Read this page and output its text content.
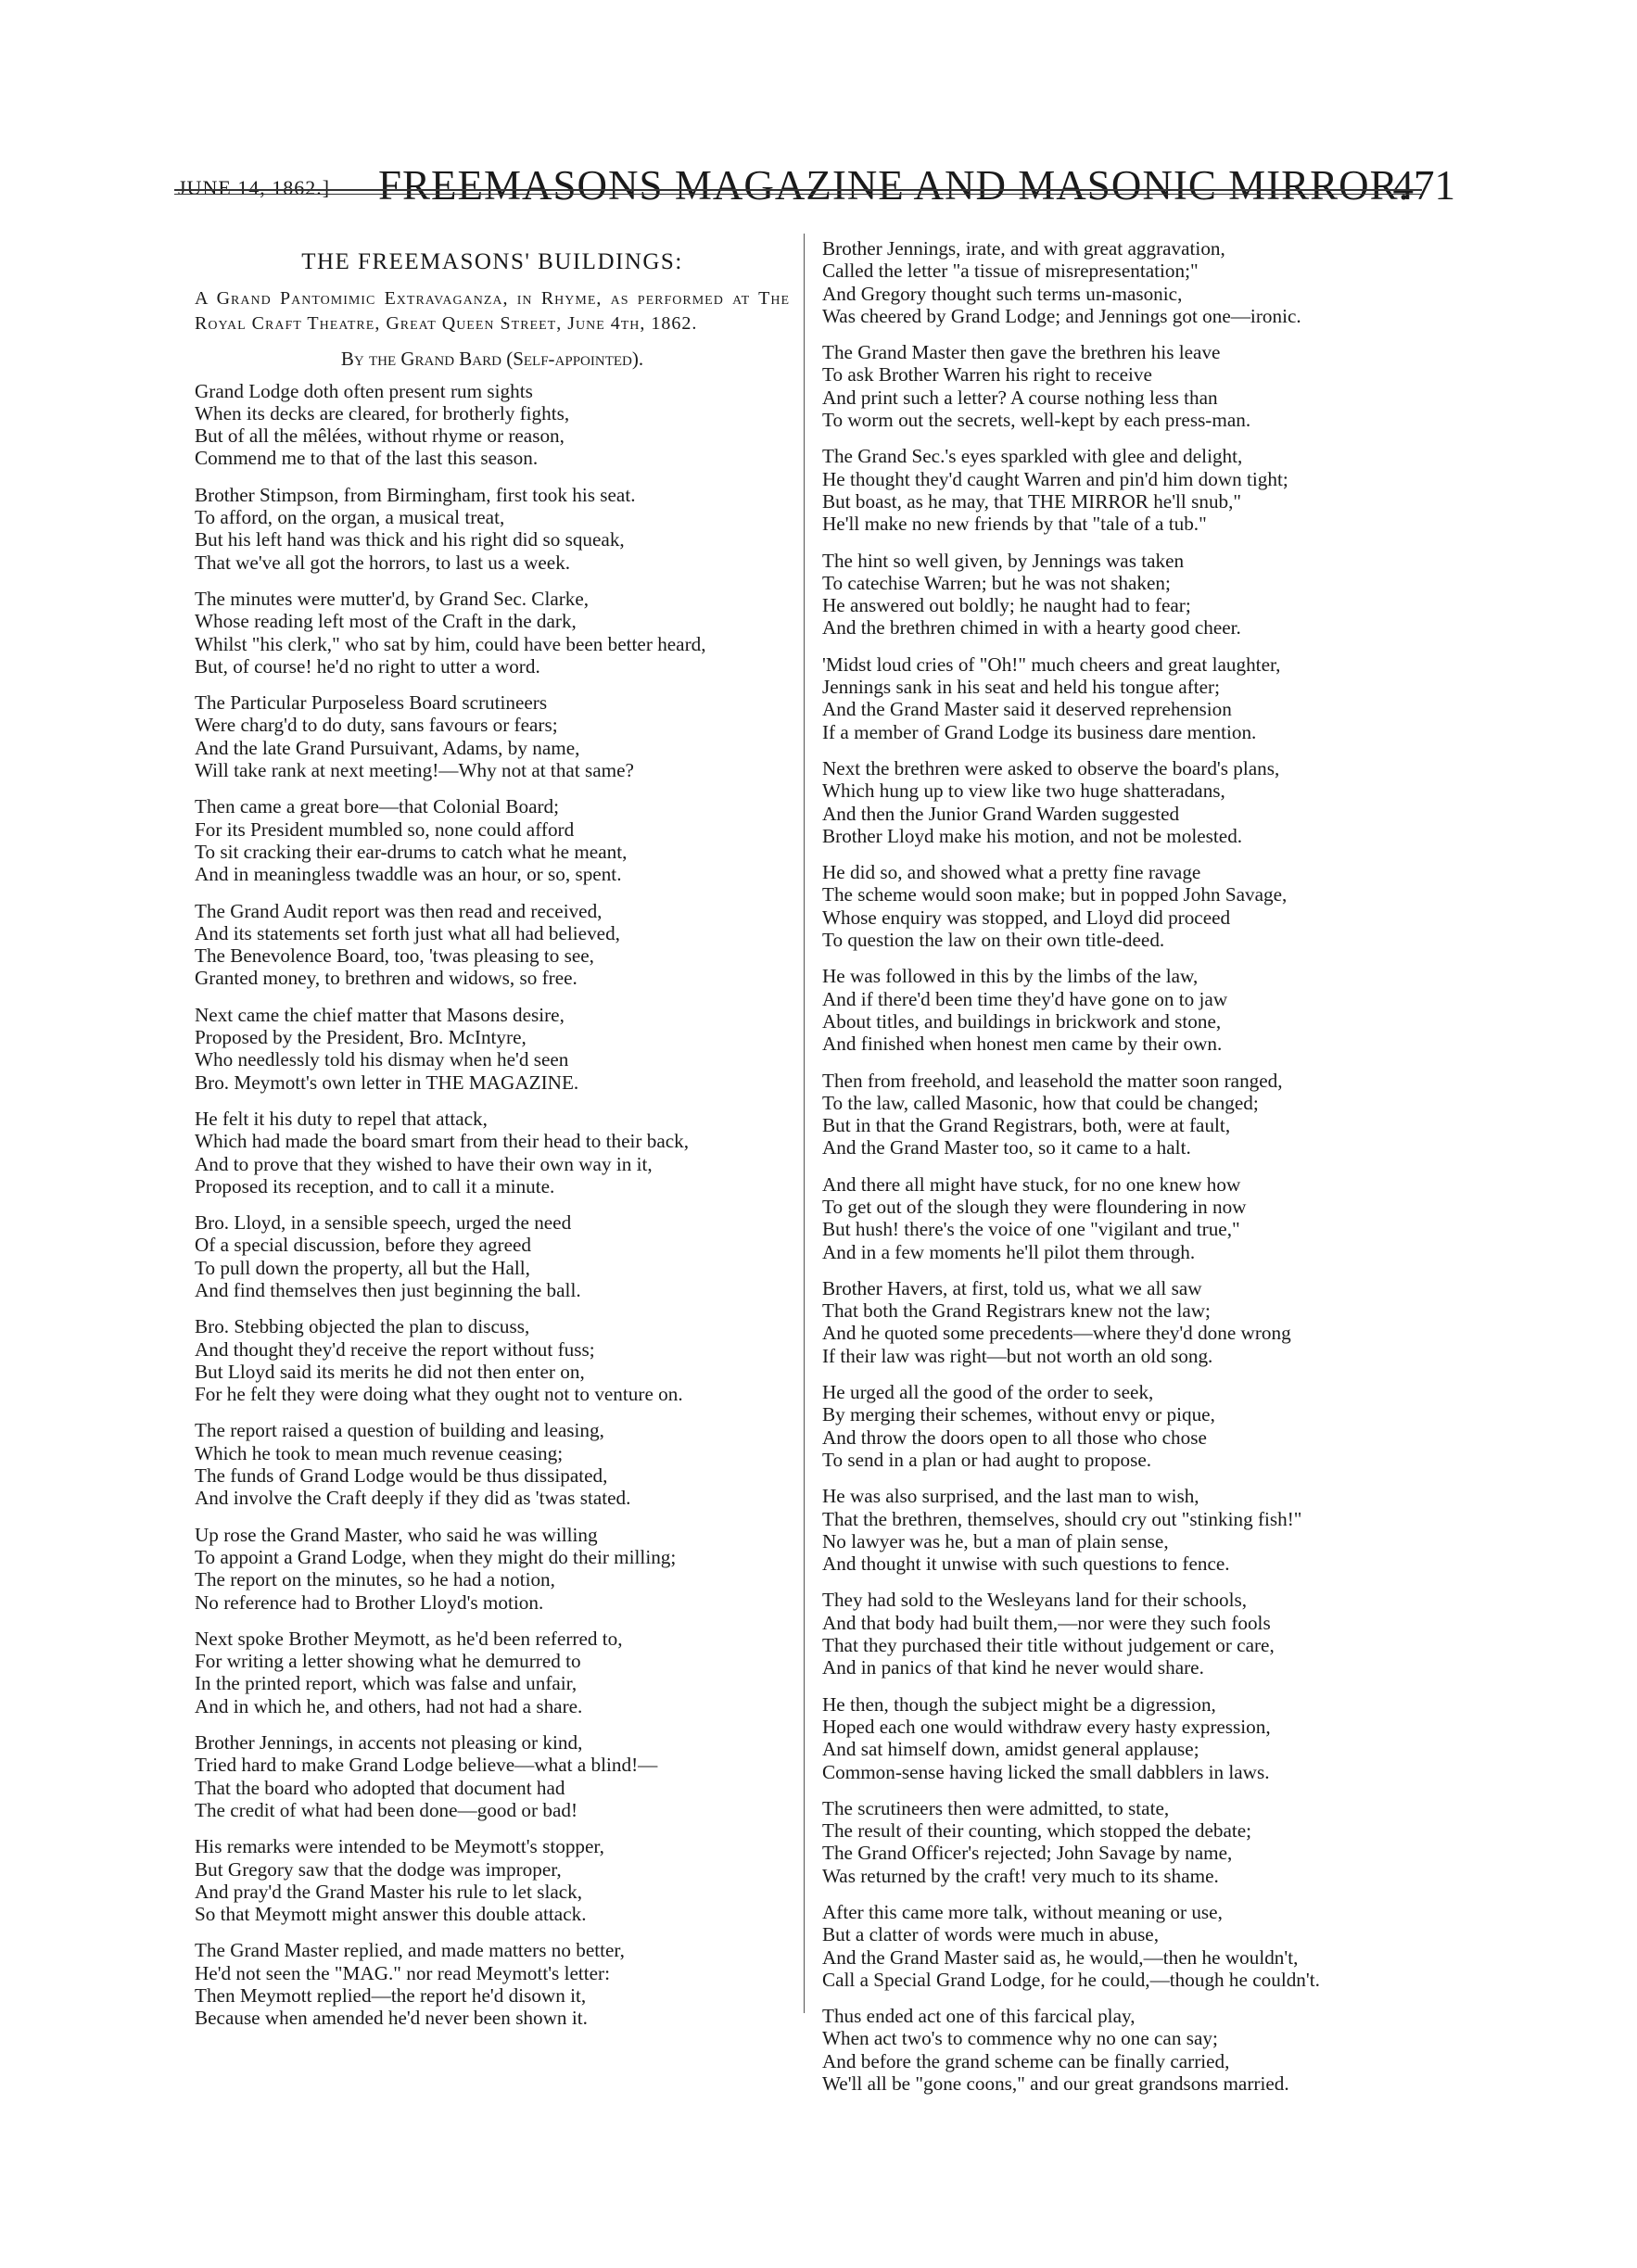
JUNE 14, 1862.] FREEMASONS MAGAZINE AND MASONIC MIRROR.
471
THE FREEMASONS' BUILDINGS:
A Grand Pantomimic Extravaganza, in Rhyme, as performed at The Royal Craft Theatre, Great Queen Street, June 4th, 1862.
By the Grand Bard (Self-appointed).
Grand Lodge doth often present rum sights
When its decks are cleared, for brotherly fights,
But of all the mêlées, without rhyme or reason,
Commend me to that of the last this season.
Brother Stimpson, from Birmingham, first took his seat.
To afford, on the organ, a musical treat,
But his left hand was thick and his right did so squeak,
That we've all got the horrors, to last us a week.
The minutes were mutter'd, by Grand Sec. Clarke,
Whose reading left most of the Craft in the dark,
Whilst "his clerk," who sat by him, could have been better heard,
But, of course! he'd no right to utter a word.
The Particular Purposeless Board scrutineers
Were charg'd to do duty, sans favours or fears;
And the late Grand Pursuivant, Adams, by name,
Will take rank at next meeting!—Why not at that same?
Then came a great bore—that Colonial Board;
For its President mumbled so, none could afford
To sit cracking their ear-drums to catch what he meant,
And in meaningless twaddle was an hour, or so, spent.
The Grand Audit report was then read and received,
And its statements set forth just what all had believed,
The Benevolence Board, too, 'twas pleasing to see,
Granted money, to brethren and widows, so free.
Next came the chief matter that Masons desire,
Proposed by the President, Bro. McIntyre,
Who needlessly told his dismay when he'd seen
Bro. Meymott's own letter in THE MAGAZINE.
He felt it his duty to repel that attack,
Which had made the board smart from their head to their back,
And to prove that they wished to have their own way in it,
Proposed its reception, and to call it a minute.
Bro. Lloyd, in a sensible speech, urged the need
Of a special discussion, before they agreed
To pull down the property, all but the Hall,
And find themselves then just beginning the ball.
Bro. Stebbing objected the plan to discuss,
And thought they'd receive the report without fuss;
But Lloyd said its merits he did not then enter on,
For he felt they were doing what they ought not to venture on.
The report raised a question of building and leasing,
Which he took to mean much revenue ceasing;
The funds of Grand Lodge would be thus dissipated,
And involve the Craft deeply if they did as 'twas stated.
Up rose the Grand Master, who said he was willing
To appoint a Grand Lodge, when they might do their milling;
The report on the minutes, so he had a notion,
No reference had to Brother Lloyd's motion.
Next spoke Brother Meymott, as he'd been referred to,
For writing a letter showing what he demurred to
In the printed report, which was false and unfair,
And in which he, and others, had not had a share.
Brother Jennings, in accents not pleasing or kind,
Tried hard to make Grand Lodge believe—what a blind!—
That the board who adopted that document had
The credit of what had been done—good or bad!
His remarks were intended to be Meymott's stopper,
But Gregory saw that the dodge was improper,
And pray'd the Grand Master his rule to let slack,
So that Meymott might answer this double attack.
The Grand Master replied, and made matters no better,
He'd not seen the "MAG." nor read Meymott's letter:
Then Meymott replied—the report he'd disown it,
Because when amended he'd never been shown it.
Brother Jennings, irate, and with great aggravation,
Called the letter "a tissue of misrepresentation;"
And Gregory thought such terms un-masonic,
Was cheered by Grand Lodge; and Jennings got one—ironic.
The Grand Master then gave the brethren his leave
To ask Brother Warren his right to receive
And print such a letter? A course nothing less than
To worm out the secrets, well-kept by each press-man.
The Grand Sec.'s eyes sparkled with glee and delight,
He thought they'd caught Warren and pin'd him down tight;
But boast, as he may, that THE MIRROR he'll snub,"
He'll make no new friends by that "tale of a tub."
The hint so well given, by Jennings was taken
To catechise Warren; but he was not shaken;
He answered out boldly; he naught had to fear;
And the brethren chimed in with a hearty good cheer.
'Midst loud cries of "Oh!" much cheers and great laughter,
Jennings sank in his seat and held his tongue after;
And the Grand Master said it deserved reprehension
If a member of Grand Lodge its business dare mention.
Next the brethren were asked to observe the board's plans,
Which hung up to view like two huge shatteradans,
And then the Junior Grand Warden suggested
Brother Lloyd make his motion, and not be molested.
He did so, and showed what a pretty fine ravage
The scheme would soon make; but in popped John Savage,
Whose enquiry was stopped, and Lloyd did proceed
To question the law on their own title-deed.
He was followed in this by the limbs of the law,
And if there'd been time they'd have gone on to jaw
About titles, and buildings in brickwork and stone,
And finished when honest men came by their own.
Then from freehold, and leasehold the matter soon ranged,
To the law, called Masonic, how that could be changed;
But in that the Grand Registrars, both, were at fault,
And the Grand Master too, so it came to a halt.
And there all might have stuck, for no one knew how
To get out of the slough they were floundering in now
But hush! there's the voice of one "vigilant and true,"
And in a few moments he'll pilot them through.
Brother Havers, at first, told us, what we all saw
That both the Grand Registrars knew not the law;
And he quoted some precedents—where they'd done wrong
If their law was right—but not worth an old song.
He urged all the good of the order to seek,
By merging their schemes, without envy or pique,
And throw the doors open to all those who chose
To send in a plan or had aught to propose.
He was also surprised, and the last man to wish,
That the brethren, themselves, should cry out "stinking fish!"
No lawyer was he, but a man of plain sense,
And thought it unwise with such questions to fence.
They had sold to the Wesleyans land for their schools,
And that body had built them,—nor were they such fools
That they purchased their title without judgement or care,
And in panics of that kind he never would share.
He then, though the subject might be a digression,
Hoped each one would withdraw every hasty expression,
And sat himself down, amidst general applause;
Common-sense having licked the small dabblers in laws.
The scrutineers then were admitted, to state,
The result of their counting, which stopped the debate;
The Grand Officer's rejected; John Savage by name,
Was returned by the craft! very much to its shame.
After this came more talk, without meaning or use,
But a clatter of words were much in abuse,
And the Grand Master said as, he would,—then he wouldn't,
Call a Special Grand Lodge, for he could,—though he couldn't.
Thus ended act one of this farcical play,
When act two's to commence why no one can say;
And before the grand scheme can be finally carried,
We'll all be "gone coons," and our great grandsons married.
